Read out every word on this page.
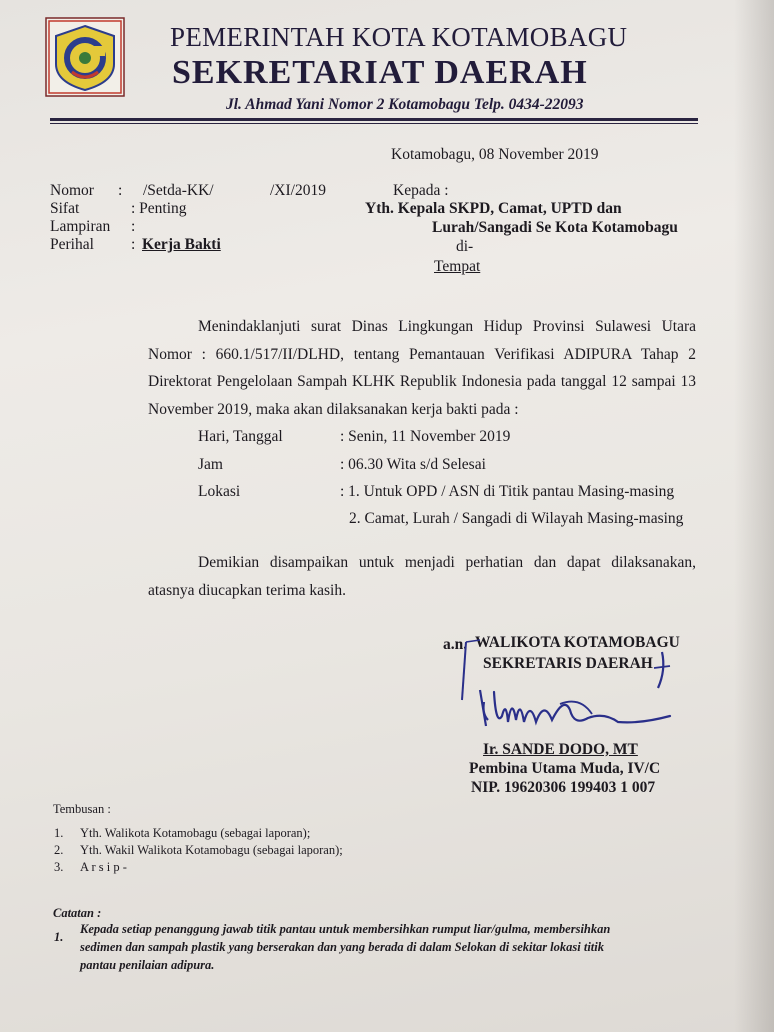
PEMERINTAH KOTA KOTAMOBAGU
SEKRETARIAT DAERAH
Jl. Ahmad Yani Nomor 2 Kotamobagu Telp. 0434-22093
Kotamobagu, 08 November 2019
Nomor : /Setda-KK/	/XI/2019
Sifat	: Penting
Lampiran :
Perihal : Kerja Bakti
Kepada :
Yth. Kepala SKPD, Camat, UPTD dan
Lurah/Sangadi Se Kota Kotamobagu
di-
Tempat
Menindaklanjuti surat Dinas Lingkungan Hidup Provinsi Sulawesi Utara Nomor : 660.1/517/II/DLHD, tentang Pemantauan Verifikasi ADIPURA Tahap 2 Direktorat Pengelolaan Sampah KLHK Republik Indonesia pada tanggal 12 sampai 13 November 2019, maka akan dilaksanakan kerja bakti pada :
Hari, Tanggal	: Senin, 11 November 2019
Jam	: 06.30 Wita s/d Selesai
Lokasi	: 1. Untuk OPD / ASN di Titik pantau Masing-masing
2. Camat, Lurah / Sangadi di Wilayah Masing-masing
Demikian disampaikan untuk menjadi perhatian dan dapat dilaksanakan, atasnya diucapkan terima kasih.
a.n. WALIKOTA KOTAMOBAGU
SEKRETARIS DAERAH
Ir. SANDE DODO, MT
Pembina Utama Muda, IV/C
NIP. 19620306 199403 1 007
Tembusan :
1. Yth. Walikota Kotamobagu (sebagai laporan);
2. Yth. Wakil Walikota Kotamobagu (sebagai laporan);
3. A r s i p -
Catatan :
1.
Kepada setiap penanggung jawab titik pantau untuk membersihkan rumput liar/gulma, membersihkan
sedimen dan sampah plastik yang berserakan dan yang berada di dalam Selokan di sekitar lokasi titik
pantau penilaian adipura.
